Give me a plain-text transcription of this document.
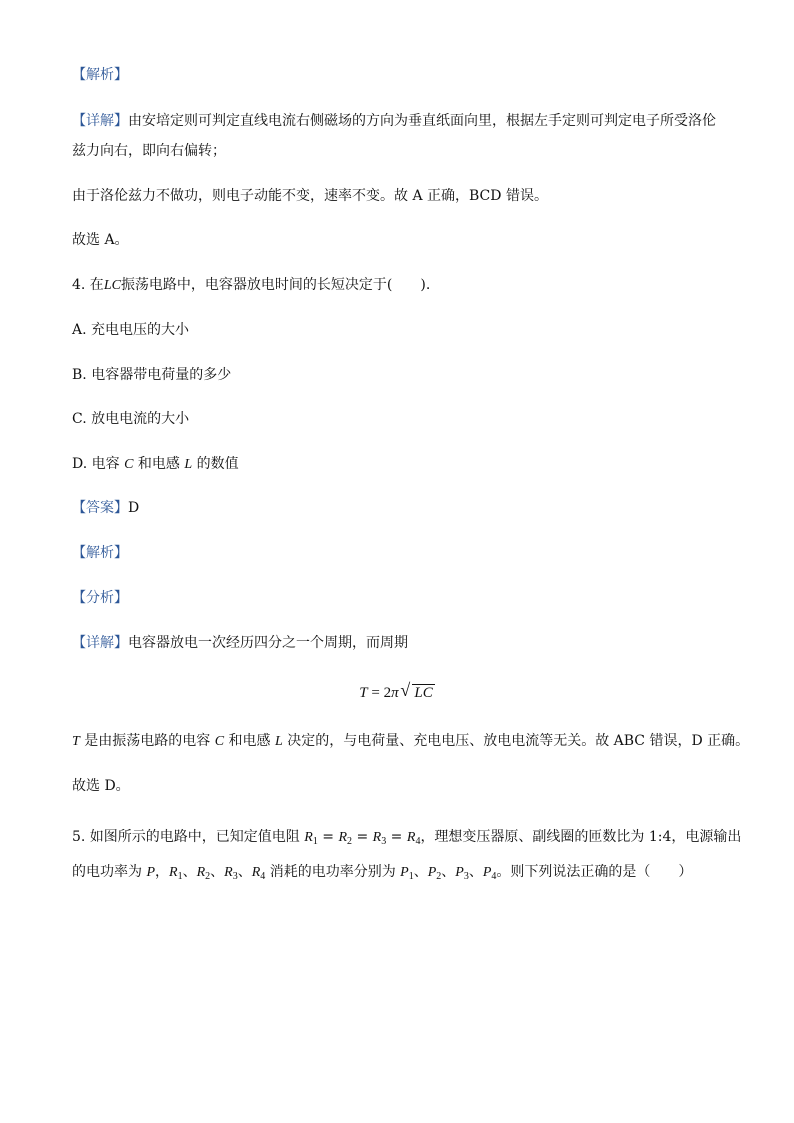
【解析】
【详解】由安培定则可判定直线电流右侧磁场的方向为垂直纸面向里，根据左手定则可判定电子所受洛伦
兹力向右，即向右偏转；
由于洛伦兹力不做功，则电子动能不变，速率不变。故 A 正确，BCD 错误。
故选 A。
4. 在LC振荡电路中，电容器放电时间的长短决定于(　　).
A. 充电电压的大小
B. 电容器带电荷量的多少
C. 放电电流的大小
D. 电容 C 和电感 L 的数值
【答案】D
【解析】
【分析】
【详解】电容器放电一次经历四分之一个周期，而周期
T = 2π √ LC
T 是由振荡电路的电容 C 和电感 L 决定的，与电荷量、充电电压、放电电流等无关。故 ABC 错误，D 正确。
故选 D。
5. 如图所示的电路中，已知定值电阻 $R_1 = R_2 = R_3 = R_4$，理想变压器原、副线圈的匝数比为 1:4，电源输出
的电功率为 P，$R_1$、$R_2$、$R_3$、$R_4$ 消耗的电功率分别为 $P_1$、$P_2$、$P_3$、$P_4$。则下列说法正确的是（　　）
